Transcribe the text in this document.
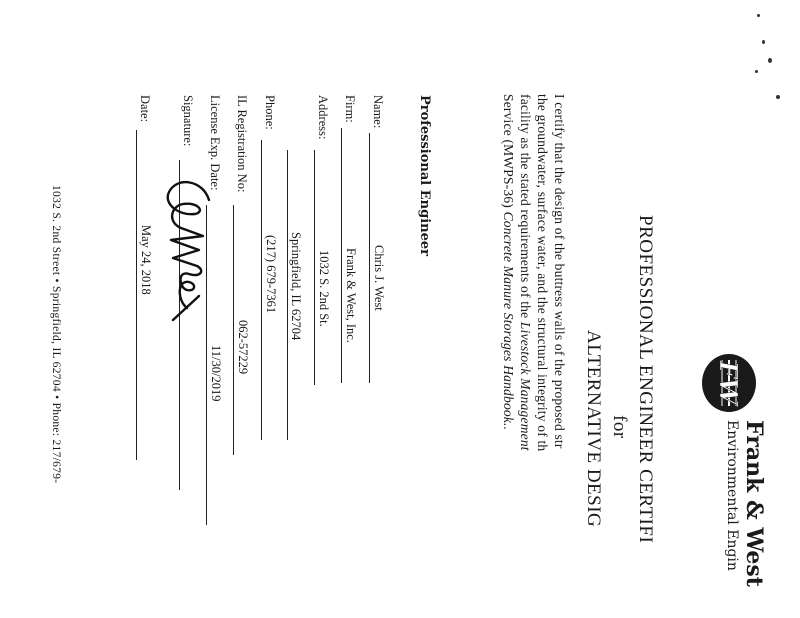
FW
Frank & West
Environmental Engin
PROFESSIONAL ENGINEER CERTIFI
for
ALTERNATIVE DESIG
I certify that the design of the buttress walls of the proposed str
the groundwater, surface water, and the structural integrity of th
facility as the stated requirements of the Livestock Management
Service (MWPS-36) Concrete Manure Storages Handbook..
Professional Engineer
Name:
Chris J. West
Firm:
Frank & West, Inc.
Address:
1032 S. 2nd St.
Springfield, IL 62704
Phone:
(217) 679-7361
IL Registration No:
062-57229
License Exp. Date:
11/30/2019
Signature:
Date:
May 24, 2018
1032 S. 2nd Street • Springfield, IL 62704 • Phone: 217/679-
